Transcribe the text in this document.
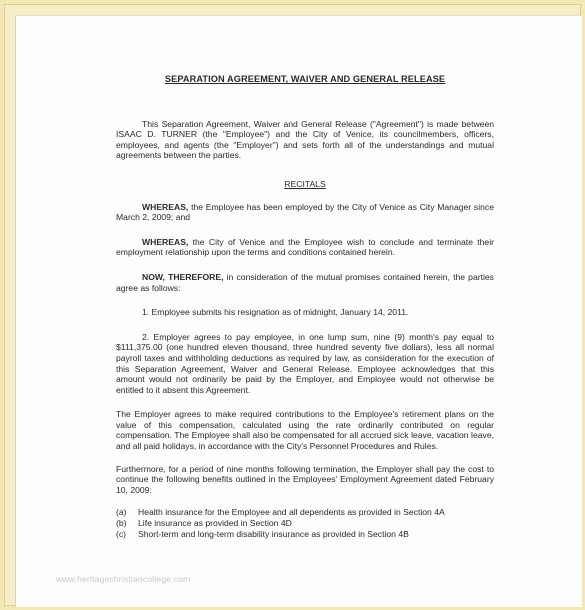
SEPARATION AGREEMENT, WAIVER AND GENERAL RELEASE

This Separation Agreement, Waiver and General Release ("Agreement") is made between ISAAC D. TURNER (the "Employee") and the City of Venice, its councilmembers, officers, employees, and agents (the "Employer") and sets forth all of the understandings and mutual agreements between the parties.

RECITALS

WHEREAS, the Employee has been employed by the City of Venice as City Manager since March 2, 2009; and

WHEREAS, the City of Venice and the Employee wish to conclude and terminate their employment relationship upon the terms and conditions contained herein.

NOW, THEREFORE, in consideration of the mutual promises contained herein, the parties agree as follows:

1. Employee submits his resignation as of midnight, January 14, 2011.

2. Employer agrees to pay employee, in one lump sum, nine (9) month's pay equal to $111,375.00 (one hundred eleven thousand, three hundred seventy five dollars), less all normal payroll taxes and withholding deductions as required by law, as consideration for the execution of this Separation Agreement, Waiver and General Release. Employee acknowledges that this amount would not ordinarily be paid by the Employer, and Employee would not otherwise be entitled to it absent this Agreement.

The Employer agrees to make required contributions to the Employee's retirement plans on the value of this compensation, calculated using the rate ordinarily contributed on regular compensation. The Employee shall also be compensated for all accrued sick leave, vacation leave, and all paid holidays, in accordance with the City's Personnel Procedures and Rules.

Furthermore, for a period of nine months following termination, the Employer shall pay the cost to continue the following benefits outlined in the Employees' Employment Agreement dated February 10, 2009:

(a)	Health insurance for the Employee and all dependents as provided in Section 4A
(b)	Life insurance as provided in Section 4D
(c)	Short-term and long-term disability insurance as provided in Section 4B
www.heritagechristiancollege.com
